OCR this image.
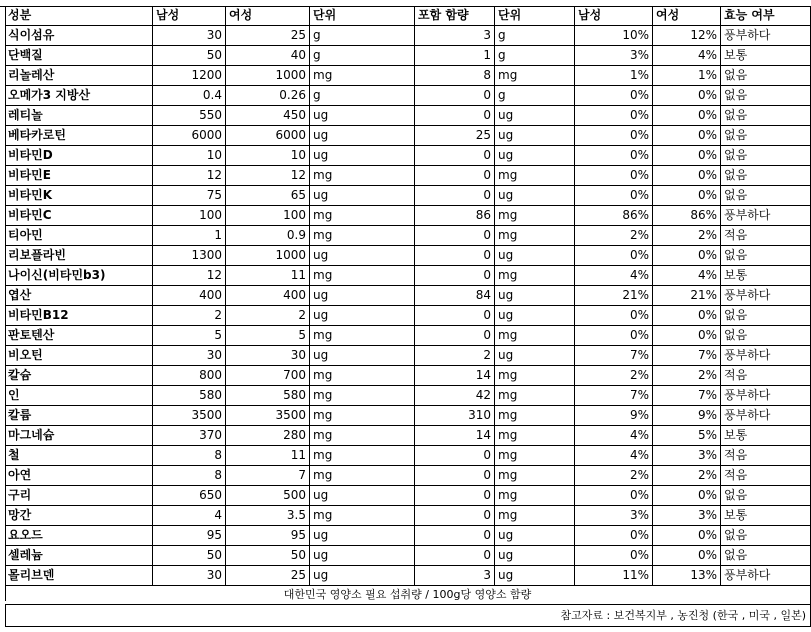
성분	남성	여성	단위	포함 함량	단위	남성	여성	효능 여부
식이섬유	30	25 g	3 g	10%	12% 풍부하다
단백질	50	40 g	1 g	3%	4% 보통
리놀레산	1200	1000 mg	8 mg	1%	1% 없음
오메가3 지방산	0.4	0.26 g	0 g	0%	0% 없음
레티놀	550	450 ug	0 ug	0%	0% 없음
베타카로틴	6000	6000 ug	25 ug	0%	0% 없음
비타민D	10	10 ug	0 ug	0%	0% 없음
비타민E	12	12 mg	0 mg	0%	0% 없음
비타민K	75	65 ug	0 ug	0%	0% 없음
비타민C	100	100 mg	86 mg	86%	86% 풍부하다
티아민	1	0.9 mg	0 mg	2%	2% 적음
리보플라빈	1300	1000 ug	0 ug	0%	0% 없음
나이신(비타민b3)	12	11 mg	0 mg	4%	4% 보통
엽산	400	400 ug	84 ug	21%	21% 풍부하다
비타민B12	2	2 ug	0 ug	0%	0% 없음
판토텐산	5	5 mg	0 mg	0%	0% 없음
비오틴	30	30 ug	2 ug	7%	7% 풍부하다
칼슘	800	700 mg	14 mg	2%	2% 적음
인	580	580 mg	42 mg	7%	7% 풍부하다
칼륨	3500	3500 mg	310 mg	9%	9% 풍부하다
마그네슘	370	280 mg	14 mg	4%	5% 보통
철	8	11 mg	0 mg	4%	3% 적음
아연	8	7 mg	0 mg	2%	2% 적음
구리	650	500 ug	0 mg	0%	0% 없음
망간	4	3.5 mg	0 mg	3%	3% 보통
요오드	95	95 ug	0 ug	0%	0% 없음
셀레늄	50	50 ug	0 ug	0%	0% 없음
몰리브덴	30	25 ug	3 ug	11%	13% 풍부하다
대한민국 영양소 필요 섭취량 / 100g당 영양소 함량
참고자료 : 보건복지부 , 농진청 (한국 , 미국 , 일본)
